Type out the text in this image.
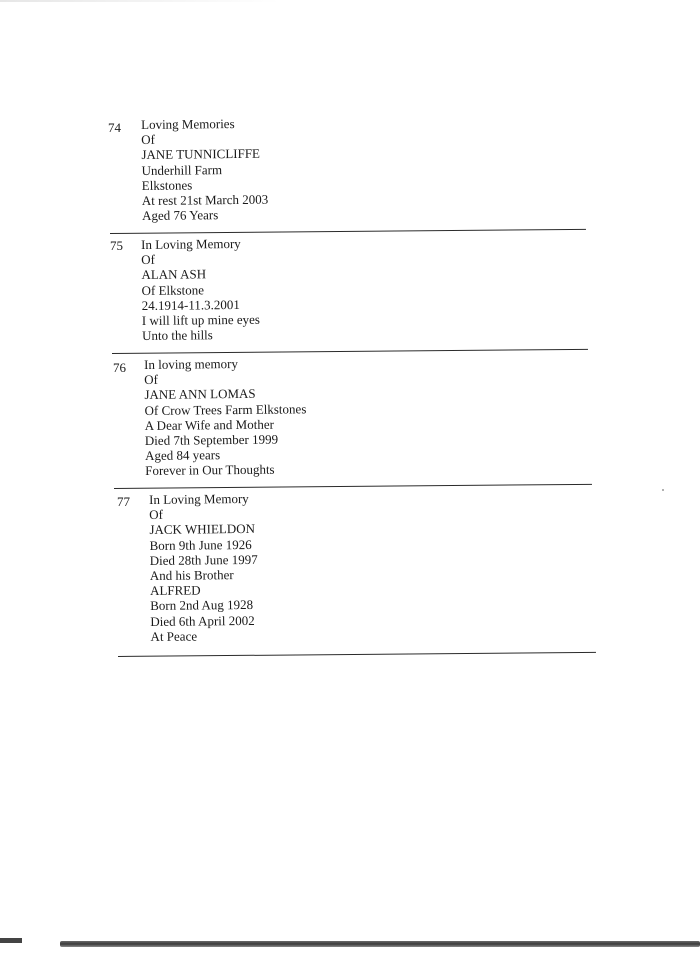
74 Loving Memories
Of
JANE TUNNICLIFFE
Underhill Farm
Elkstones
At rest 21st March 2003
Aged 76 Years
75 In Loving Memory
Of
ALAN ASH
Of Elkstone
24.1914-11.3.2001
I will lift up mine eyes
Unto the hills
76 In loving memory
Of
JANE ANN LOMAS
Of Crow Trees Farm Elkstones
A Dear Wife and Mother
Died 7th September 1999
Aged 84 years
Forever in Our Thoughts
77 In Loving Memory
Of
JACK WHIELDON
Born 9th June 1926
Died 28th June 1997
And his Brother
ALFRED
Born 2nd Aug 1928
Died 6th April 2002
At Peace
